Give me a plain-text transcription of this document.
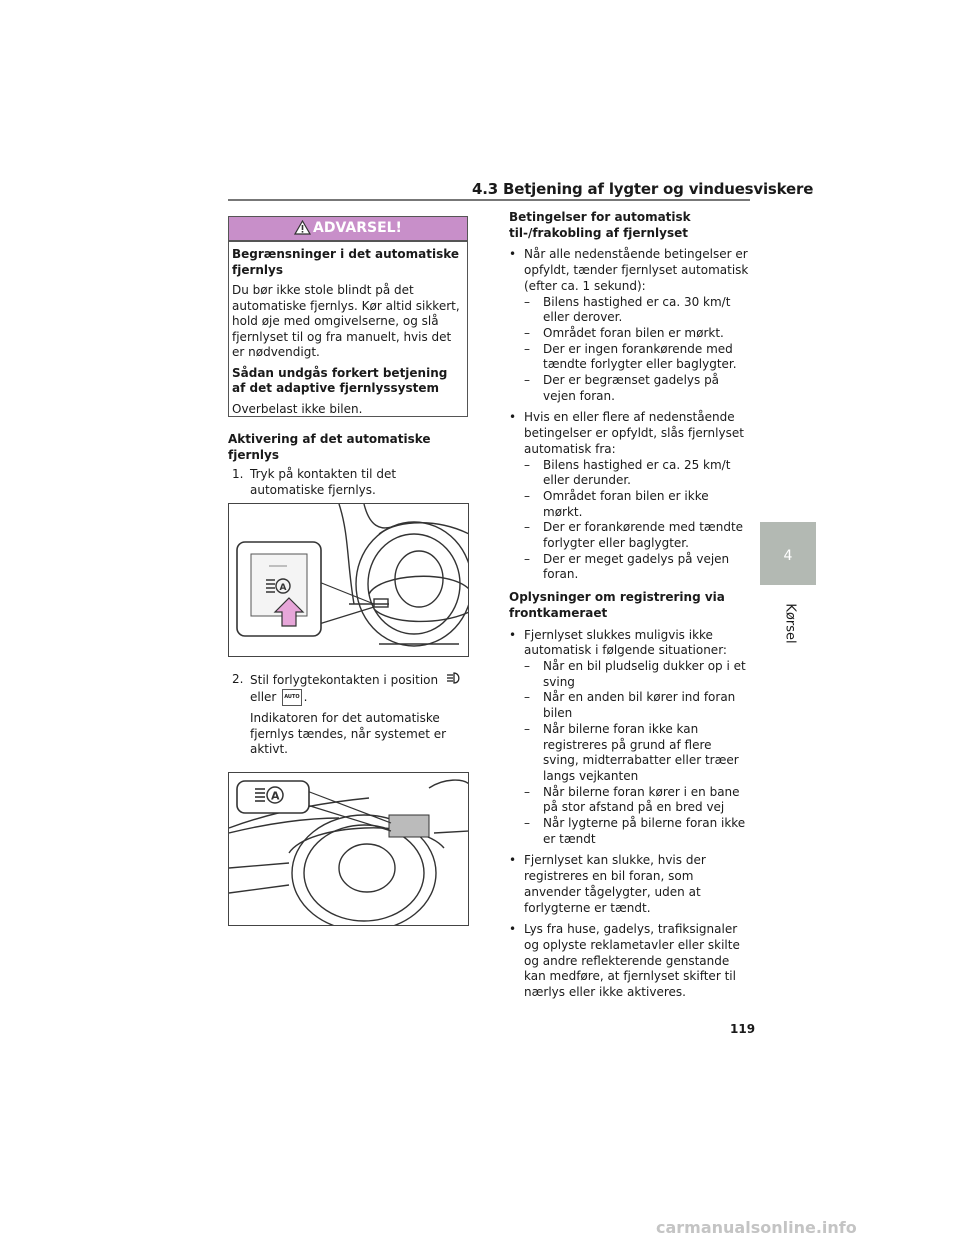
4.3 Betjening af lygter og vinduesviskere
ADVARSEL!

Begrænsninger i det automatiske fjernlys

Du bør ikke stole blindt på det automatiske fjernlys. Kør altid sikkert, hold øje med omgivelserne, og slå fjernlyset til og fra manuelt, hvis det er nødvendigt.

Sådan undgås forkert betjening af det adaptive fjernlyssystem

Overbelast ikke bilen.

Aktivering af det automatiske fjernlys

1. Tryk på kontakten til det automatiske fjernlys.

A

2. Stil forlygtekontakten i position
eller AUTO .

Indikatoren for det automatiske fjernlys tændes, når systemet er aktivt.

A

Betingelser for automatisk til-/frakobling af fjernlyset

• Når alle nedenstående betingelser er opfyldt, tænder fjernlyset automatisk (efter ca. 1 sekund):
– Bilens hastighed er ca. 30 km/t eller derover.
– Området foran bilen er mørkt.
– Der er ingen forankørende med tændte forlygter eller baglygter.
– Der er begrænset gadelys på vejen foran.
• Hvis en eller flere af nedenstående betingelser er opfyldt, slås fjernlyset automatisk fra:
– Bilens hastighed er ca. 25 km/t eller derunder.
– Området foran bilen er ikke mørkt.
– Der er forankørende med tændte forlygter eller baglygter.
– Der er meget gadelys på vejen foran.

Oplysninger om registrering via frontkameraet

• Fjernlyset slukkes muligvis ikke automatisk i følgende situationer:
– Når en bil pludselig dukker op i et sving
– Når en anden bil kører ind foran bilen
– Når bilerne foran ikke kan registreres på grund af flere sving, midterrabatter eller træer langs vejkanten
– Når bilerne foran kører i en bane på stor afstand på en bred vej
– Når lygterne på bilerne foran ikke er tændt
• Fjernlyset kan slukke, hvis der registreres en bil foran, som anvender tågelygter, uden at forlygterne er tændt.
• Lys fra huse, gadelys, trafiksignaler og oplyste reklametavler eller skilte og andre reflekterende genstande kan medføre, at fjernlyset skifter til nærlys eller ikke aktiveres.
4
Kørsel
119
carmanualsonline.info
